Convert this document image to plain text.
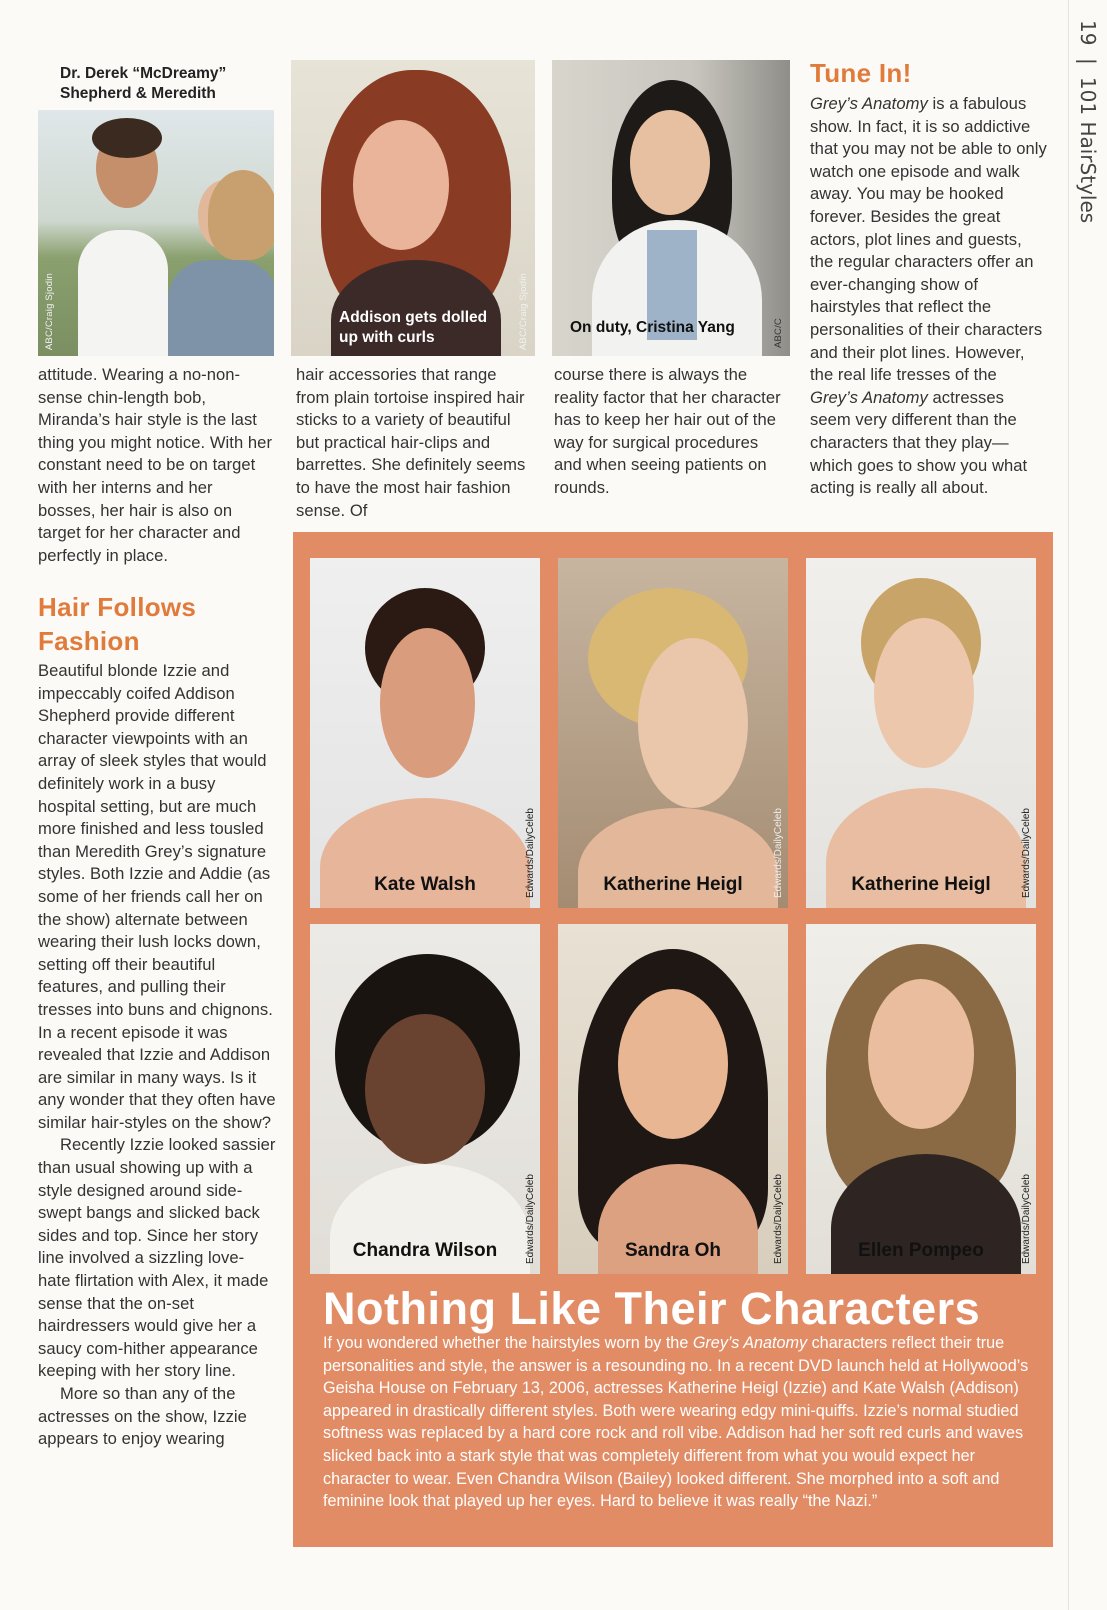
19 | 101 HairStyles
Dr. Derek “McDreamy” Shepherd & Meredith
ABC/Craig Sjodin	Addison gets dolled up with curls	ABC/Craig Sjodin	On duty, Cristina Yang	ABC/C
Tune In!
Grey’s Anatomy is a fabulous show. In fact, it is so addictive that you may not be able to only watch one episode and walk away. You may be hooked forever. Besides the great actors, plot lines and guests, the regular characters offer an ever-changing show of hairstyles that reflect the personalities of their characters and their plot lines. However, the real life tresses of the Grey’s Anatomy actresses seem very different than the characters that they play—which goes to show you what acting is really all about.
hair accessories that range from plain tortoise inspired hair sticks to a variety of beautiful but practical hair-clips and barrettes. She definitely seems to have the most hair fashion sense. Of
course there is always the reality factor that her character has to keep her hair out of the way for surgical procedures and when seeing patients on rounds.
attitude. Wearing a no-non-sense chin-length bob, Miranda’s hair style is the last thing you might notice. With her constant need to be on target with her interns and her bosses, her hair is also on target for her character and perfectly in place.
Hair Follows Fashion

Beautiful blonde Izzie and impeccably coifed Addison Shepherd provide different character viewpoints with an array of sleek styles that would definitely work in a busy hospital setting, but are much more finished and less tousled than Meredith Grey’s signature styles. Both Izzie and Addie (as some of her friends call her on the show) alternate between wearing their lush locks down, setting off their beautiful features, and pulling their tresses into buns and chignons. In a recent episode it was revealed that Izzie and Addison are similar in many ways. Is it any wonder that they often have similar hair-styles on the show?

Recently Izzie looked sassier than usual showing up with a style designed around side-swept bangs and slicked back sides and top. Since her story line involved a sizzling love-hate flirtation with Alex, it made sense that the on-set hairdressers would give her a saucy com-hither appearance keeping with her story line.

More so than any of the actresses on the show, Izzie appears to enjoy wearing

Kate Walsh	Edwards/DailyCeleb	Katherine Heigl	Edwards/DailyCeleb	Katherine Heigl	Edwards/DailyCeleb
Chandra Wilson	Edwards/DailyCeleb	Sandra Oh	Edwards/DailyCeleb	Ellen Pompeo	Edwards/DailyCeleb
Nothing Like Their Characters
If you wondered whether the hairstyles worn by the Grey’s Anatomy characters reflect their true personalities and style, the answer is a resounding no. In a recent DVD launch held at Hollywood’s Geisha House on February 13, 2006, actresses Katherine Heigl (Izzie) and Kate Walsh (Addison) appeared in drastically different styles. Both were wearing edgy mini-quiffs. Izzie’s normal studied softness was replaced by a hard core rock and roll vibe. Addison had her soft red curls and waves slicked back into a stark style that was completely different from what you would expect her character to wear. Even Chandra Wilson (Bailey) looked different. She morphed into a soft and feminine look that played up her eyes. Hard to believe it was really “the Nazi.”
